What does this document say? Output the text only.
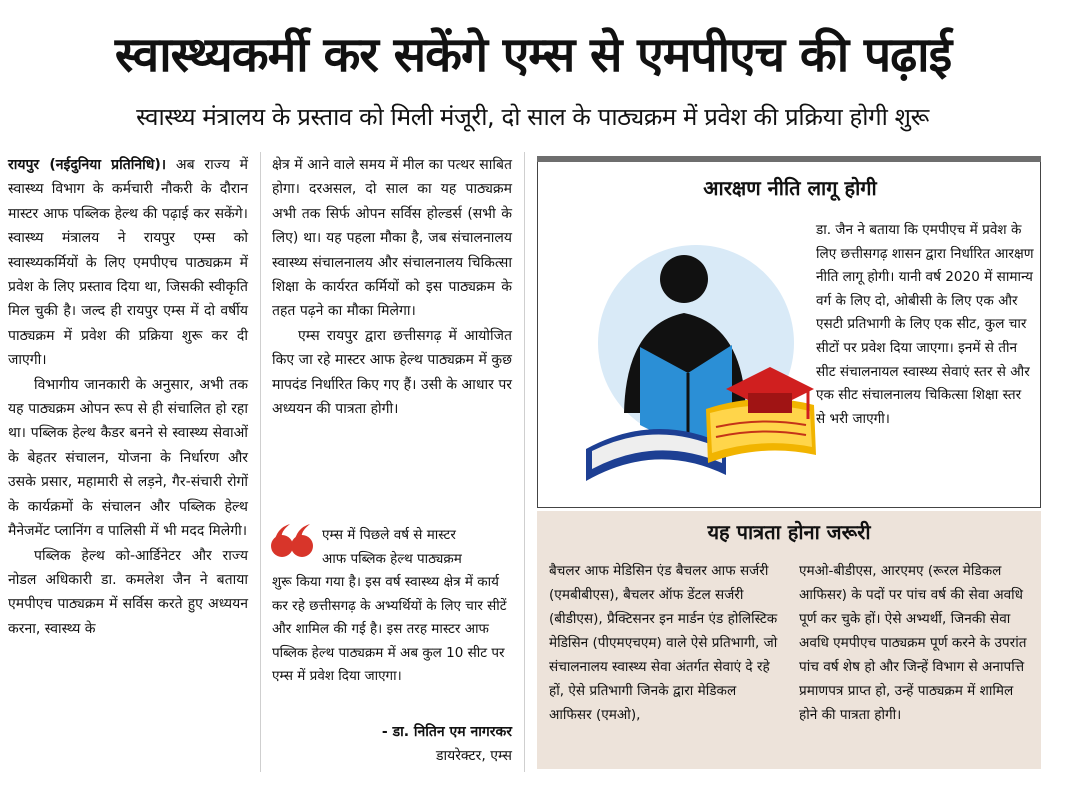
स्वास्थ्यकर्मी कर सकेंगे एम्स से एमपीएच की पढ़ाई
स्वास्थ्य मंत्रालय के प्रस्ताव को मिली मंजूरी, दो साल के पाठ्यक्रम में प्रवेश की प्रक्रिया होगी शुरू

रायपुर (नईदुनिया प्रतिनिधि)। अब राज्य में स्वास्थ्य विभाग के कर्मचारी नौकरी के दौरान मास्टर आफ पब्लिक हेल्थ की पढ़ाई कर सकेंगे। स्वास्थ्य मंत्रालय ने रायपुर एम्स को स्वास्थ्यकर्मियों के लिए एमपीएच पाठ्यक्रम में प्रवेश के लिए प्रस्ताव दिया था, जिसकी स्वीकृति मिल चुकी है। जल्द ही रायपुर एम्स में दो वर्षीय पाठ्यक्रम में प्रवेश की प्रक्रिया शुरू कर दी जाएगी।

विभागीय जानकारी के अनुसार, अभी तक यह पाठ्यक्रम ओपन रूप से ही संचालित हो रहा था। पब्लिक हेल्थ कैडर बनने से स्वास्थ्य सेवाओं के बेहतर संचालन, योजना के निर्धारण और उसके प्रसार, महामारी से लड़ने, गैर-संचारी रोगों के कार्यक्रमों के संचालन और पब्लिक हेल्थ मैनेजमेंट प्लानिंग व पालिसी में भी मदद मिलेगी।

पब्लिक हेल्थ को-आर्डिनेटर और राज्य नोडल अधिकारी डा. कमलेश जैन ने बताया एमपीएच पाठ्यक्रम में सर्विस करते हुए अध्ययन करना, स्वास्थ्य के

क्षेत्र में आने वाले समय में मील का पत्थर साबित होगा। दरअसल, दो साल का यह पाठ्यक्रम अभी तक सिर्फ ओपन सर्विस होल्डर्स (सभी के लिए) था। यह पहला मौका है, जब संचालनालय स्वास्थ्य संचालनालय और संचालनालय चिकित्सा शिक्षा के कार्यरत कर्मियों को इस पाठ्यक्रम के तहत पढ़ने का मौका मिलेगा।

एम्स रायपुर द्वारा छत्तीसगढ़ में आयोजित किए जा रहे मास्टर आफ हेल्थ पाठ्यक्रम में कुछ मापदंड निर्धारित किए गए हैं। उसी के आधार पर अध्ययन की पात्रता होगी।

एम्स में पिछले वर्ष से मास्टर
आफ पब्लिक हेल्थ पाठ्यक्रम
शुरू किया गया है। इस वर्ष स्वास्थ्य क्षेत्र में कार्य कर रहे छत्तीसगढ़ के अभ्यर्थियों के लिए चार सीटें और शामिल की गई है। इस तरह मास्टर आफ पब्लिक हेल्थ पाठ्यक्रम में अब कुल 10 सीट पर एम्स में प्रवेश दिया जाएगा।
- डा. नितिन एम नागरकर
डायरेक्टर, एम्स
आरक्षण नीति लागू होगी
डा. जैन ने बताया कि एमपीएच में प्रवेश के लिए छत्तीसगढ़ शासन द्वारा निर्धारित आरक्षण नीति लागू होगी। यानी वर्ष 2020 में सामान्य वर्ग के लिए दो, ओबीसी के लिए एक और एसटी प्रतिभागी के लिए एक सीट, कुल चार सीटों पर प्रवेश दिया जाएगा। इनमें से तीन सीट संचालनायल स्वास्थ्य सेवाएं स्तर से और एक सीट संचालनालय चिकित्सा शिक्षा स्तर से भरी जाएगी।
यह पात्रता होना जरूरी
बैचलर आफ मेडिसिन एंड बैचलर आफ सर्जरी (एमबीबीएस), बैचलर ऑफ डेंटल सर्जरी (बीडीएस), प्रैक्टिसनर इन मार्डन एंड होलिस्टिक मेडिसिन (पीएमएचएम) वाले ऐसे प्रतिभागी, जो संचालनालय स्वास्थ्य सेवा अंतर्गत सेवाएं दे रहे हों, ऐसे प्रतिभागी जिनके द्वारा मेडिकल आफिसर (एमओ),
एमओ-बीडीएस, आरएमए (रूरल मेडिकल आफिसर) के पदों पर पांच वर्ष की सेवा अवधि पूर्ण कर चुके हों। ऐसे अभ्यर्थी, जिनकी सेवा अवधि एमपीएच पाठ्यक्रम पूर्ण करने के उपरांत पांच वर्ष शेष हो और जिन्हें विभाग से अनापत्ति प्रमाणपत्र प्राप्त हो, उन्हें पाठ्यक्रम में शामिल होने की पात्रता होगी।
